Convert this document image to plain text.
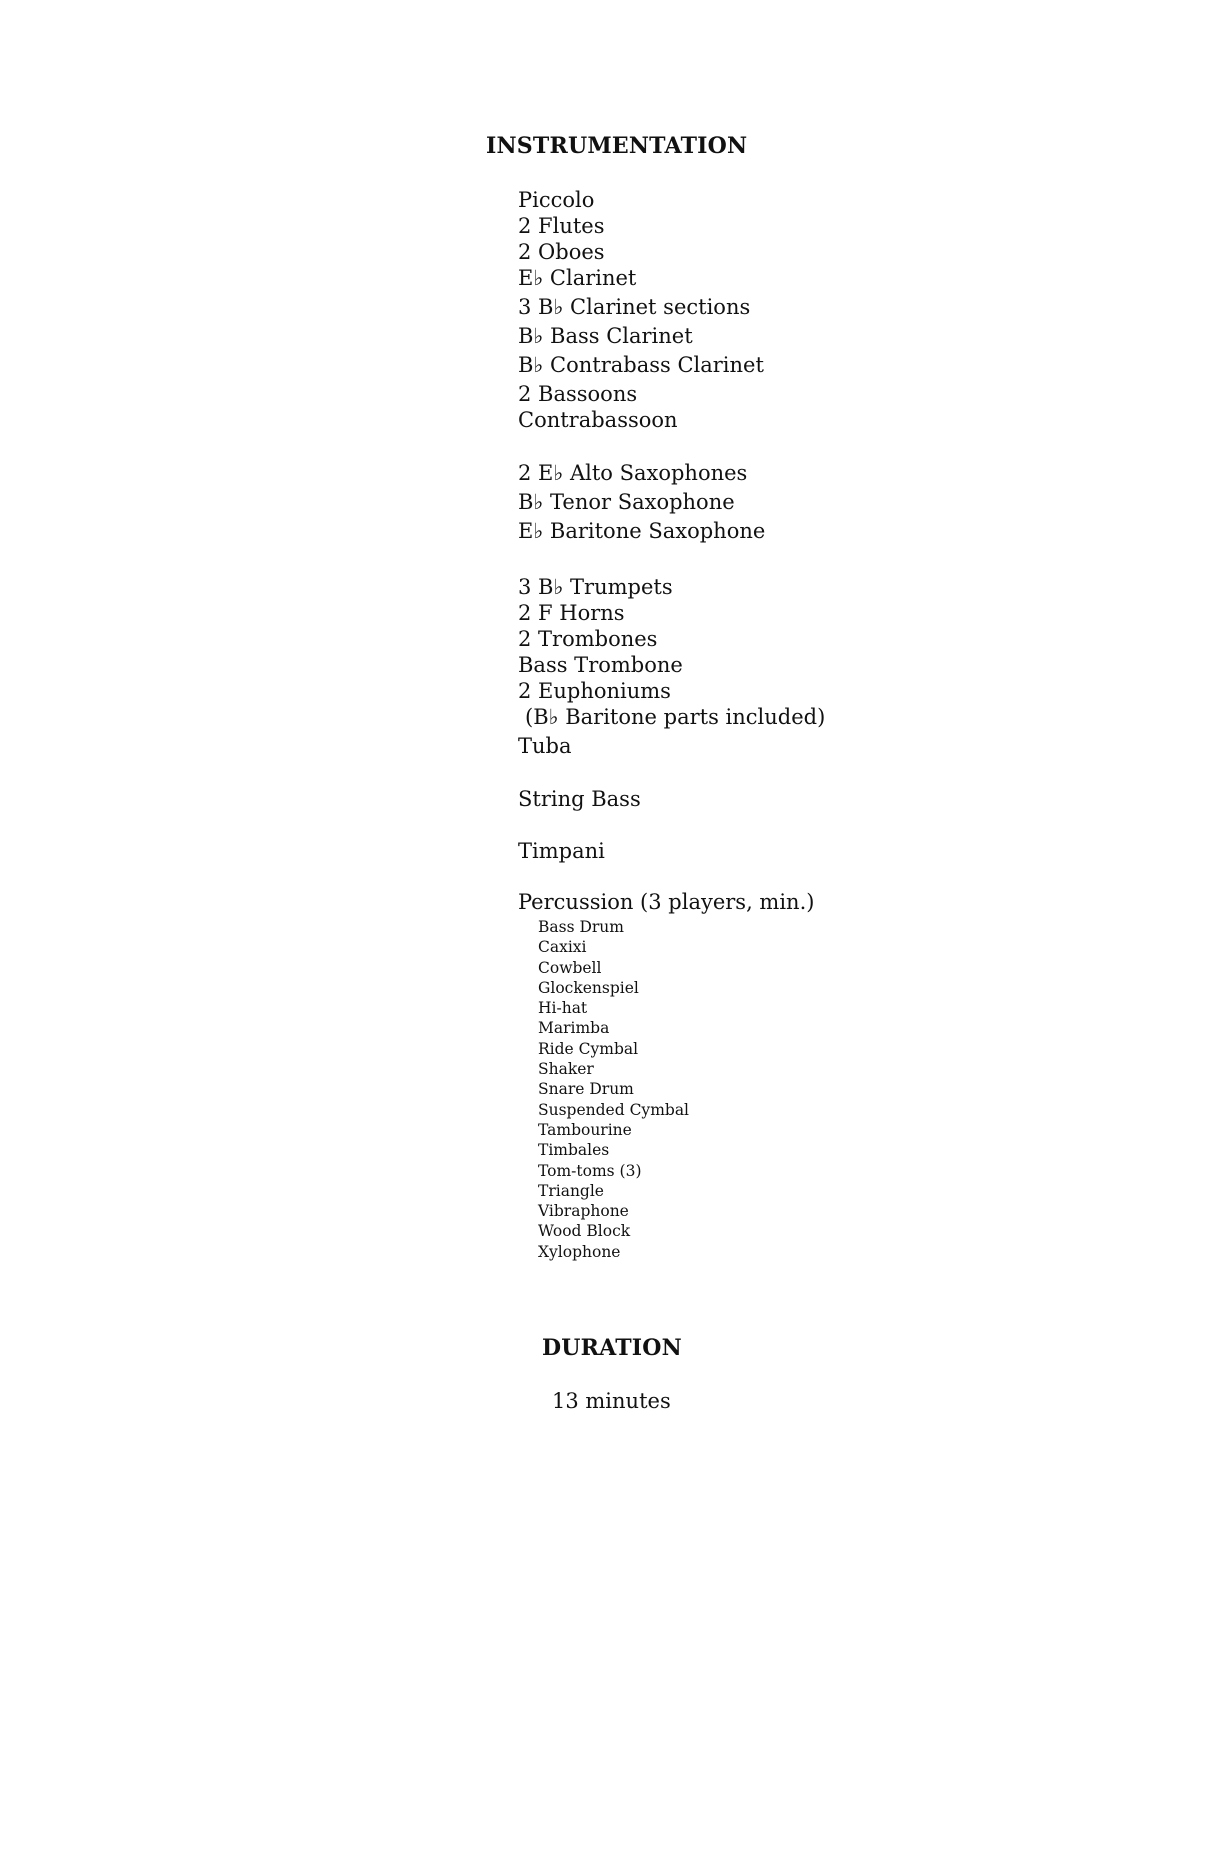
INSTRUMENTATION
Piccolo
2 Flutes
2 Oboes
E♭ Clarinet
3 B♭ Clarinet sections
B♭ Bass Clarinet
B♭ Contrabass Clarinet
2 Bassoons
Contrabassoon
2 E♭ Alto Saxophones
B♭ Tenor Saxophone
E♭ Baritone Saxophone
3 B♭ Trumpets
2 F Horns
2 Trombones
Bass Trombone
2 Euphoniums
(B♭ Baritone parts included)
Tuba
String Bass
Timpani
Percussion (3 players, min.)
Bass Drum
Caxixi
Cowbell
Glockenspiel
Hi-hat
Marimba
Ride Cymbal
Shaker
Snare Drum
Suspended Cymbal
Tambourine
Timbales
Tom-toms (3)
Triangle
Vibraphone
Wood Block
Xylophone
DURATION
13 minutes
